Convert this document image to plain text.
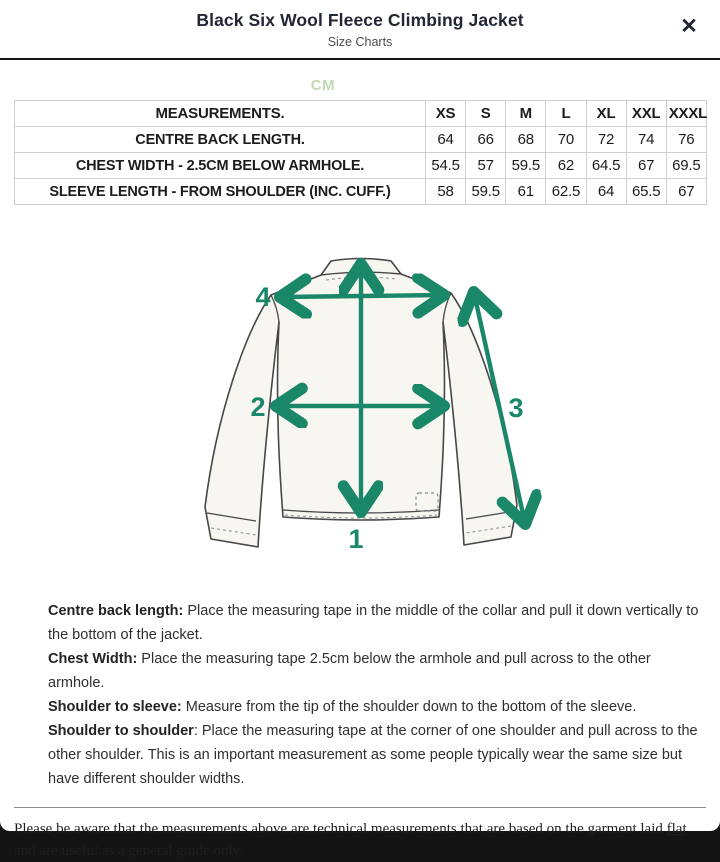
Black Six Wool Fleece Climbing Jacket
Size Charts
✕
CM
MEASUREMENTS.	XS	S	M	L	XL	XXL	XXXL
CENTRE BACK LENGTH.	64	66	68	70	72	74	76
CHEST WIDTH - 2.5CM BELOW ARMHOLE.	54.5	57	59.5	62	64.5	67	69.5
SLEEVE LENGTH - FROM SHOULDER (INC. CUFF.)	58	59.5	61	62.5	64	65.5	67
1
2	3
4

Centre back length: Place the measuring tape in the middle of the collar and pull it down vertically to the bottom of the jacket.

Chest Width: Place the measuring tape 2.5cm below the armhole and pull across to the other armhole.

Shoulder to sleeve: Measure from the tip of the shoulder down to the bottom of the sleeve.

Shoulder to shoulder: Place the measuring tape at the corner of one shoulder and pull across to the other shoulder. This is an important measurement as some people typically wear the same size but have different shoulder widths.

Please be aware that the measurements above are technical measurements that are based on the garment laid flat and are useful as a general guide only.
